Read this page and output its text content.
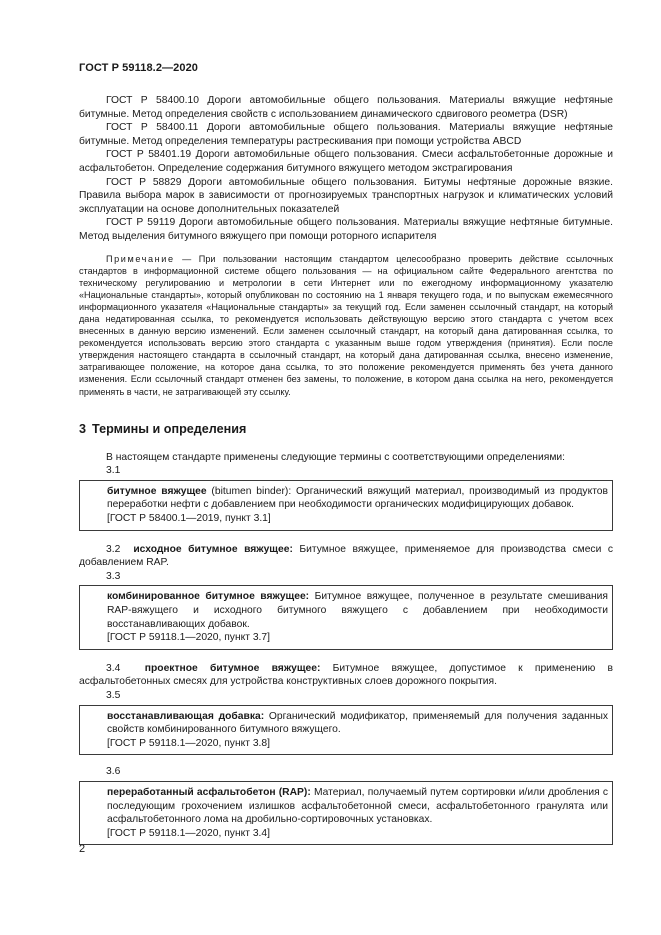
ГОСТ Р 59118.2—2020

ГОСТ Р 58400.10 Дороги автомобильные общего пользования. Материалы вяжущие нефтяные битумные. Метод определения свойств с использованием динамического сдвигового реометра (DSR)

ГОСТ Р 58400.11 Дороги автомобильные общего пользования. Материалы вяжущие нефтяные битумные. Метод определения температуры растрескивания при помощи устройства ABCD

ГОСТ Р 58401.19 Дороги автомобильные общего пользования. Смеси асфальтобетонные дорожные и асфальтобетон. Определение содержания битумного вяжущего методом экстрагирования

ГОСТ Р 58829 Дороги автомобильные общего пользования. Битумы нефтяные дорожные вязкие. Правила выбора марок в зависимости от прогнозируемых транспортных нагрузок и климатических условий эксплуатации на основе дополнительных показателей

ГОСТ Р 59119 Дороги автомобильные общего пользования. Материалы вяжущие нефтяные битумные. Метод выделения битумного вяжущего при помощи роторного испарителя

Примечание — При пользовании настоящим стандартом целесообразно проверить действие ссылочных стандартов в информационной системе общего пользования — на официальном сайте Федерального агентства по техническому регулированию и метрологии в сети Интернет или по ежегодному информационному указателю «Национальные стандарты», который опубликован по состоянию на 1 января текущего года, и по выпускам ежемесячного информационного указателя «Национальные стандарты» за текущий год. Если заменен ссылочный стандарт, на который дана недатированная ссылка, то рекомендуется использовать действующую версию этого стандарта с учетом всех внесенных в данную версию изменений. Если заменен ссылочный стандарт, на который дана датированная ссылка, то рекомендуется использовать версию этого стандарта с указанным выше годом утверждения (принятия). Если после утверждения настоящего стандарта в ссылочный стандарт, на который дана датированная ссылка, внесено изменение, затрагивающее положение, на которое дана ссылка, то это положение рекомендуется применять без учета данного изменения. Если ссылочный стандарт отменен без замены, то положение, в котором дана ссылка на него, рекомендуется применять в части, не затрагивающей эту ссылку.

3 Термины и определения

В настоящем стандарте применены следующие термины с соответствующими определениями:

3.1

битумное вяжущее (bitumen binder): Органический вяжущий материал, производимый из продуктов переработки нефти с добавлением при необходимости органических модифицирующих добавок.
[ГОСТ Р 58400.1—2019, пункт 3.1]

3.2 исходное битумное вяжущее: Битумное вяжущее, применяемое для производства смеси с добавлением RAP.

3.3

комбинированное битумное вяжущее: Битумное вяжущее, полученное в результате смешивания RAP-вяжущего и исходного битумного вяжущего с добавлением при необходимости восстанавливающих добавок.
[ГОСТ Р 59118.1—2020, пункт 3.7]

3.4 проектное битумное вяжущее: Битумное вяжущее, допустимое к применению в асфальтобетонных смесях для устройства конструктивных слоев дорожного покрытия.

3.5

восстанавливающая добавка: Органический модификатор, применяемый для получения заданных свойств комбинированного битумного вяжущего.
[ГОСТ Р 59118.1—2020, пункт 3.8]

3.6

переработанный асфальтобетон (RAP): Материал, получаемый путем сортировки и/или дробления с последующим грохочением излишков асфальтобетонной смеси, асфальтобетонного гранулята или асфальтобетонного лома на дробильно-сортировочных установках.
[ГОСТ Р 59118.1—2020, пункт 3.4]
2
